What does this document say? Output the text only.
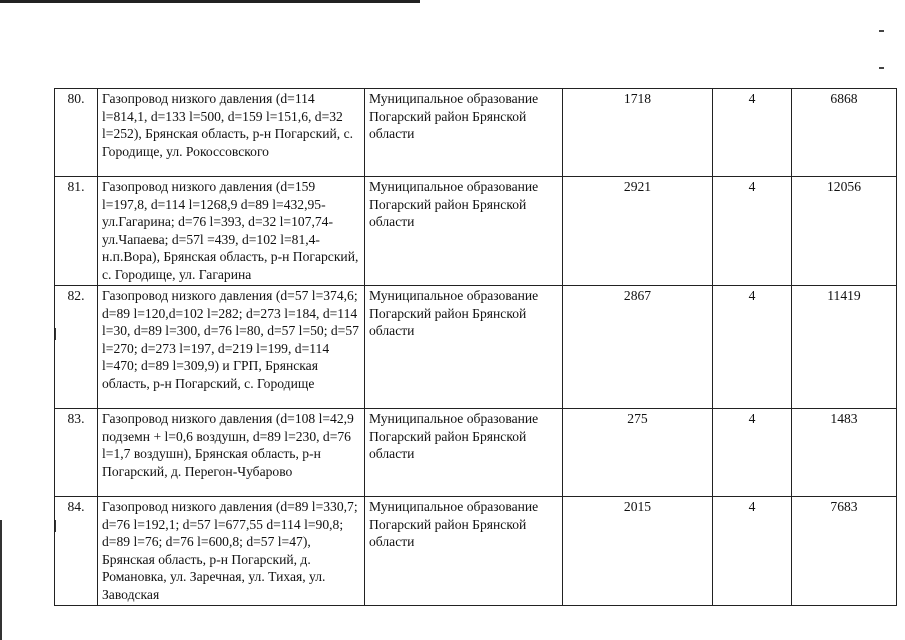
80.	Газопровод низкого давления (d=114 l=814,1, d=133 l=500, d=159 l=151,6, d=32 l=252), Брянская область, р-н Погарский, с. Городище, ул. Рокоссовского	Муниципальное образование Погарский район Брянской области	1718	4	6868
81.	Газопровод низкого давления (d=159 l=197,8, d=114 l=1268,9 d=89 l=432,95-ул.Гагарина; d=76 l=393, d=32 l=107,74-ул.Чапаева; d=57l =439, d=102 l=81,4-н.п.Вора), Брянская область, р-н Погарский, с. Городище, ул. Гагарина	Муниципальное образование Погарский район Брянской области	2921	4	12056
82.	Газопровод низкого давления (d=57 l=374,6; d=89 l=120,d=102 l=282; d=273 l=184, d=114 l=30, d=89 l=300, d=76 l=80, d=57 l=50; d=57 l=270; d=273 l=197, d=219 l=199, d=114 l=470; d=89 l=309,9) и ГРП, Брянская область, р-н Погарский, с. Городище	Муниципальное образование Погарский район Брянской области	2867	4	11419
83.	Газопровод низкого давления (d=108 l=42,9 подземн + l=0,6 воздушн, d=89 l=230, d=76 l=1,7 воздушн), Брянская область, р-н Погарский, д. Перегон-Чубарово	Муниципальное образование Погарский район Брянской области	275	4	1483
84.	Газопровод низкого давления (d=89 l=330,7; d=76 l=192,1; d=57 l=677,55 d=114 l=90,8; d=89 l=76; d=76 l=600,8; d=57 l=47), Брянская область, р-н Погарский, д. Романовка, ул. Заречная, ул. Тихая, ул. Заводская	Муниципальное образование Погарский район Брянской области	2015	4	7683
